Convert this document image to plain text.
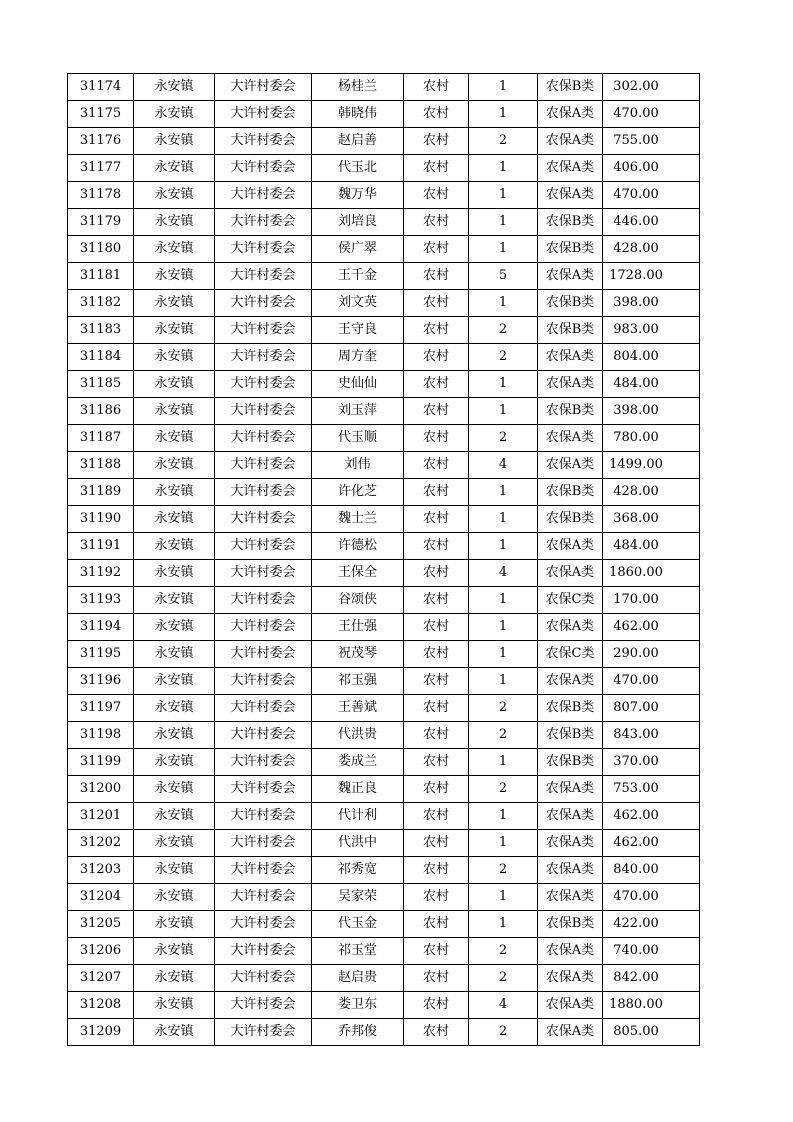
31174	永安镇	大许村委会	杨桂兰	农村	1	农保B类	302.00
31175	永安镇	大许村委会	韩晓伟	农村	1	农保A类	470.00
31176	永安镇	大许村委会	赵启善	农村	2	农保A类	755.00
31177	永安镇	大许村委会	代玉北	农村	1	农保A类	406.00
31178	永安镇	大许村委会	魏万华	农村	1	农保A类	470.00
31179	永安镇	大许村委会	刘培良	农村	1	农保B类	446.00
31180	永安镇	大许村委会	侯广翠	农村	1	农保B类	428.00
31181	永安镇	大许村委会	王千金	农村	5	农保A类	1728.00
31182	永安镇	大许村委会	刘文英	农村	1	农保B类	398.00
31183	永安镇	大许村委会	王守良	农村	2	农保B类	983.00
31184	永安镇	大许村委会	周方奎	农村	2	农保A类	804.00
31185	永安镇	大许村委会	史仙仙	农村	1	农保A类	484.00
31186	永安镇	大许村委会	刘玉萍	农村	1	农保B类	398.00
31187	永安镇	大许村委会	代玉顺	农村	2	农保A类	780.00
31188	永安镇	大许村委会	刘伟	农村	4	农保A类	1499.00
31189	永安镇	大许村委会	许化芝	农村	1	农保B类	428.00
31190	永安镇	大许村委会	魏士兰	农村	1	农保B类	368.00
31191	永安镇	大许村委会	许德松	农村	1	农保A类	484.00
31192	永安镇	大许村委会	王保全	农村	4	农保A类	1860.00
31193	永安镇	大许村委会	谷颂侠	农村	1	农保C类	170.00
31194	永安镇	大许村委会	王仕强	农村	1	农保A类	462.00
31195	永安镇	大许村委会	祝茂琴	农村	1	农保C类	290.00
31196	永安镇	大许村委会	祁玉强	农村	1	农保A类	470.00
31197	永安镇	大许村委会	王善斌	农村	2	农保B类	807.00
31198	永安镇	大许村委会	代洪贵	农村	2	农保B类	843.00
31199	永安镇	大许村委会	娄成兰	农村	1	农保B类	370.00
31200	永安镇	大许村委会	魏正良	农村	2	农保A类	753.00
31201	永安镇	大许村委会	代计利	农村	1	农保A类	462.00
31202	永安镇	大许村委会	代洪中	农村	1	农保A类	462.00
31203	永安镇	大许村委会	祁秀宽	农村	2	农保A类	840.00
31204	永安镇	大许村委会	吴家荣	农村	1	农保A类	470.00
31205	永安镇	大许村委会	代玉金	农村	1	农保B类	422.00
31206	永安镇	大许村委会	祁玉堂	农村	2	农保A类	740.00
31207	永安镇	大许村委会	赵启贵	农村	2	农保A类	842.00
31208	永安镇	大许村委会	娄卫东	农村	4	农保A类	1880.00
31209	永安镇	大许村委会	乔邦俊	农村	2	农保A类	805.00
